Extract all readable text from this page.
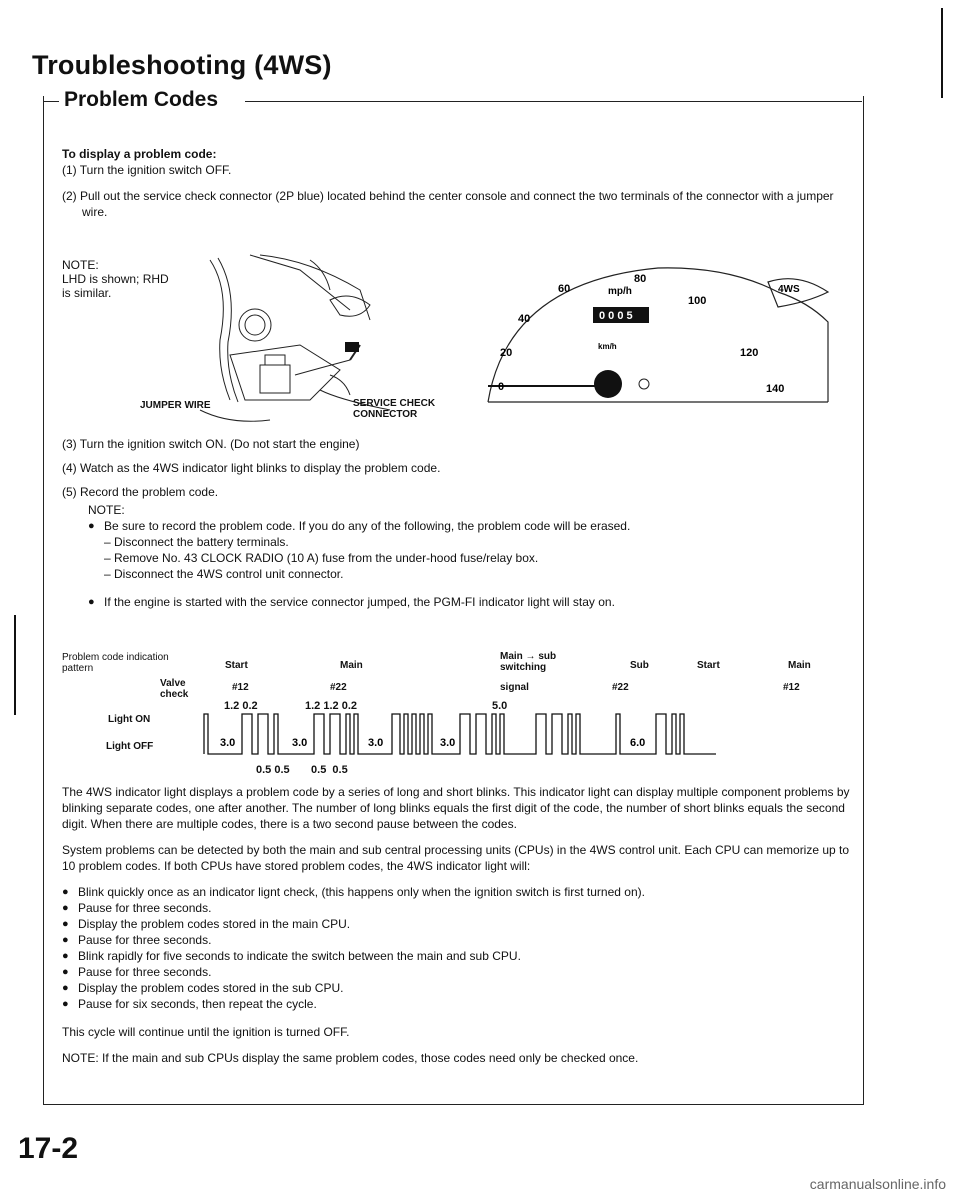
Troubleshooting (4WS)
Problem Codes
To display a problem code:
(1) Turn the ignition switch OFF.
(2) Pull out the service check connector (2P blue) located behind the center console and connect the two terminals of the connector with a jumper wire.
NOTE:
LHD is shown; RHD
is similar.
JUMPER WIRE	SERVICE CHECK
CONNECTOR
0 0 0 5
4WS
mp/h
km/h
20
40
60
80
100
120
140
0
(3) Turn the ignition switch ON. (Do not start the engine)
(4) Watch as the 4WS indicator light blinks to display the problem code.
(5) Record the problem code.
NOTE:
● Be sure to record the problem code. If you do any of the following, the problem code will be erased.
– Disconnect the battery terminals.
– Remove No. 43 CLOCK RADIO (10 A) fuse from the under-hood fuse/relay box.
– Disconnect the 4WS control unit connector.
● If the engine is started with the service connector jumped, the PGM-FI indicator light will stay on.
Problem code indication
pattern	Start	Main
Main → sub
switching	Sub	Start	Main
Valve
check
#12	#22	signal	#22	#12
1.2 0.2	1.2 1.2 0.2	5.0
Light ON
Light OFF	3.0	3.0	3.0	3.0	6.0
0.5 0.5       0.5  0.5
The 4WS indicator light displays a problem code by a series of long and short blinks. This indicator light can display multiple component problems by blinking separate codes, one after another. The number of long blinks equals the first digit of the code, the number of short blinks equals the second digit. When there are multiple codes, there is a two second pause between the codes.
System problems can be detected by both the main and sub central processing units (CPUs) in the 4WS control unit. Each CPU can memorize up to 10 problem codes. If both CPUs have stored problem codes, the 4WS indicator light will:
● Blink quickly once as an indicator lignt check, (this happens only when the ignition switch is first turned on).
● Pause for three seconds.
● Display the problem codes stored in the main CPU.
● Pause for three seconds.
● Blink rapidly for five seconds to indicate the switch between the main and sub CPU.
● Pause for three seconds.
● Display the problem codes stored in the sub CPU.
● Pause for six seconds, then repeat the cycle.
This cycle will continue until the ignition is turned OFF.
NOTE: If the main and sub CPUs display the same problem codes, those codes need only be checked once.
17-2
carmanualsonline.info
